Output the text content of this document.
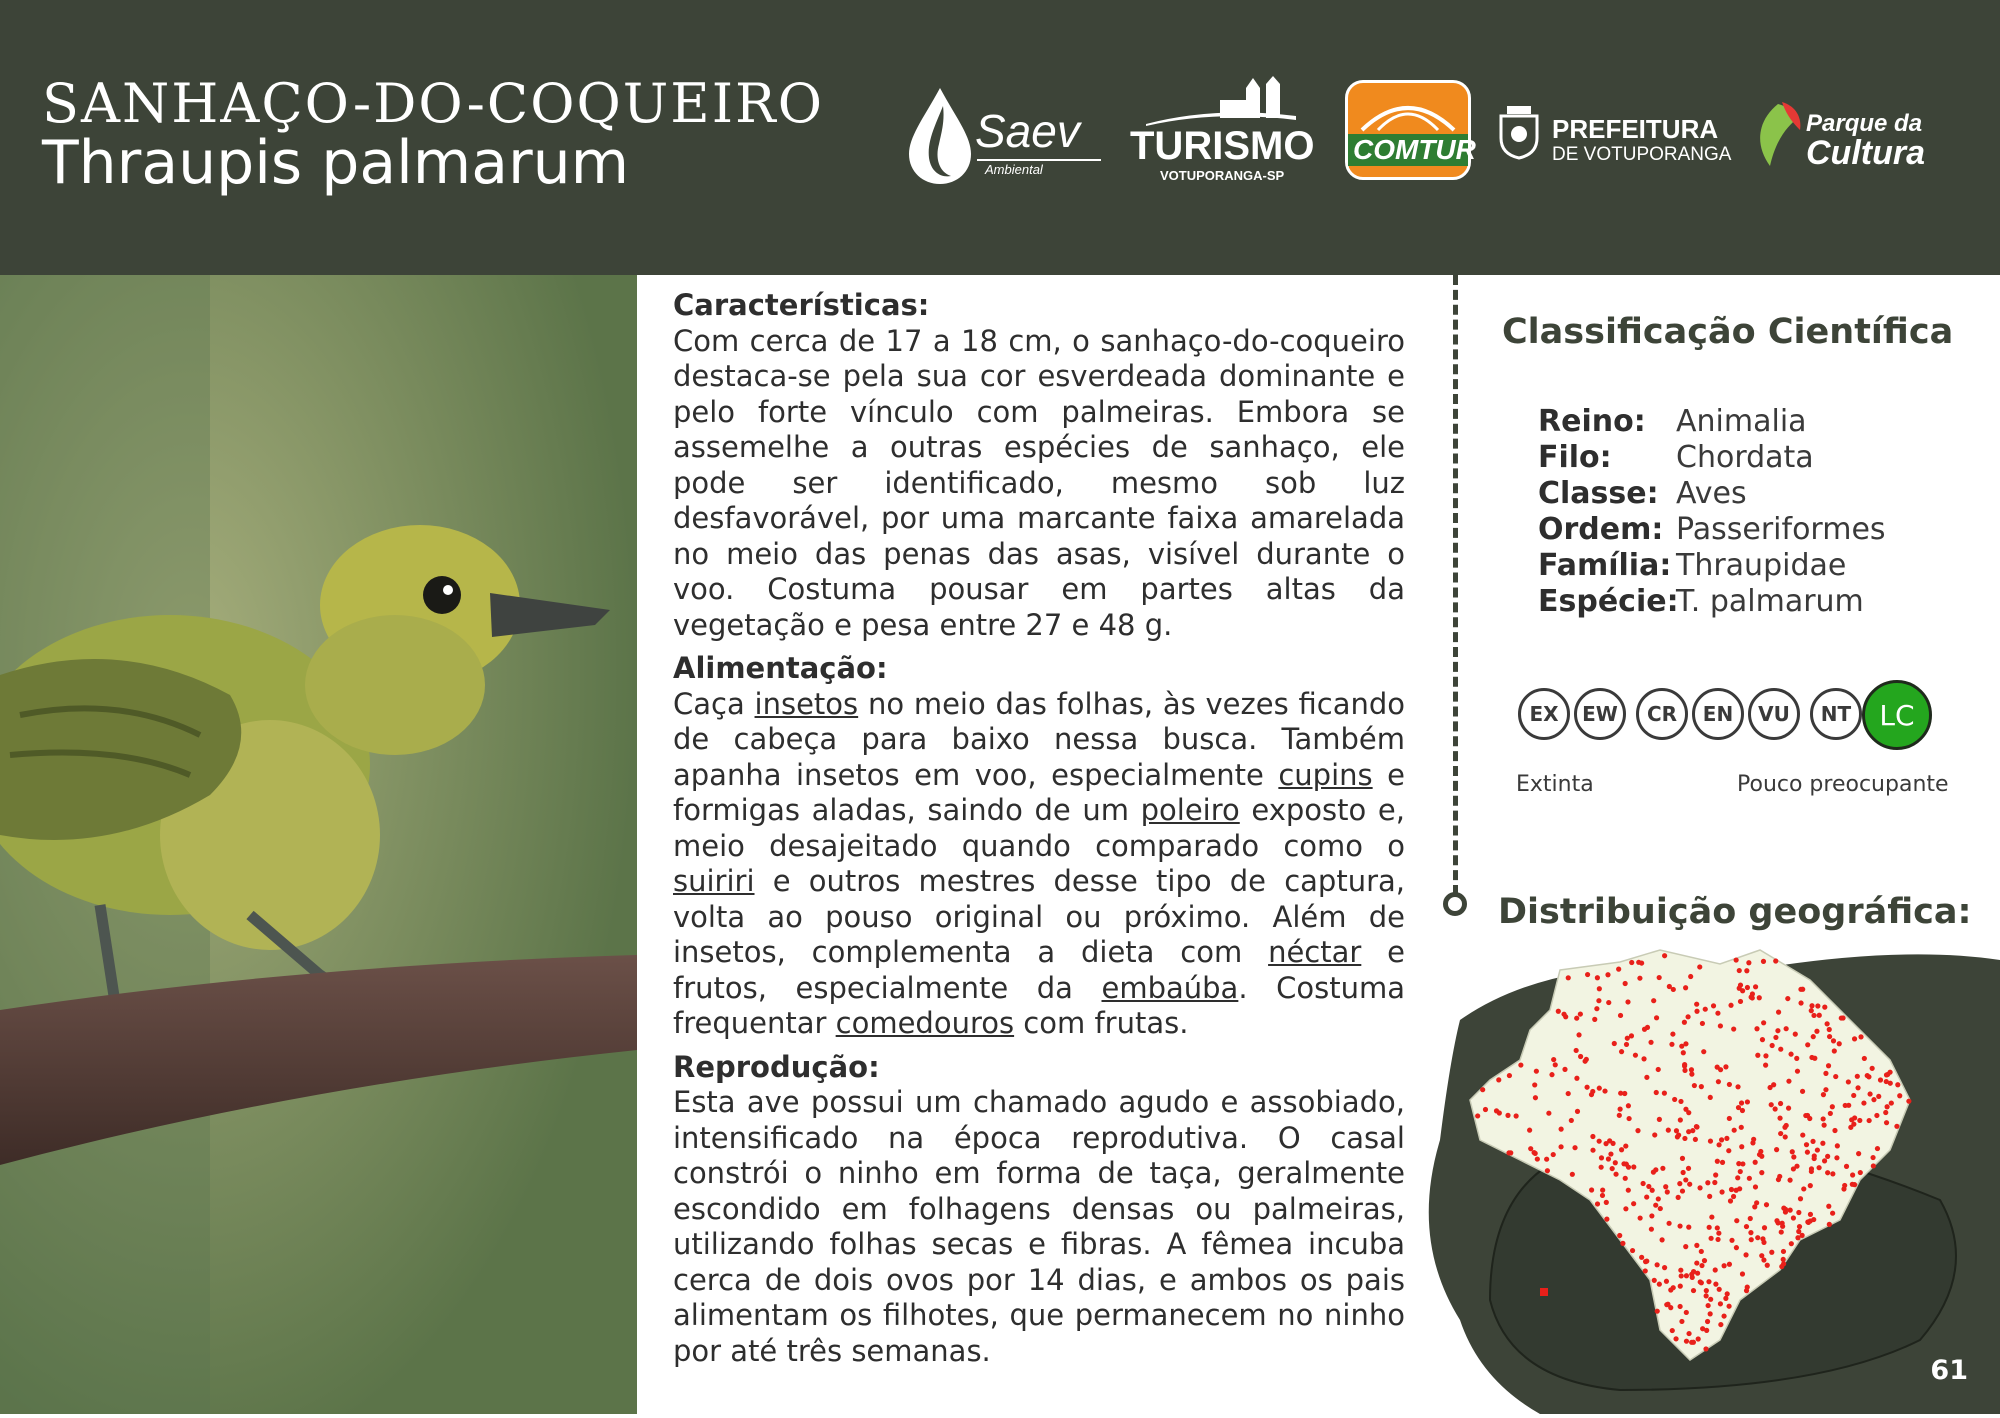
SANHAÇO-DO-COQUEIRO
Thraupis palmarum	Saev
Ambiental
TURISMO
VOTUPORANGA-SP
COMTUR
PREFEITURA
DE VOTUPORANGA
Parque da
Cultura
Características:

Com cerca de 17 a 18 cm, o sanhaço-do-coqueiro destaca-se pela sua cor esverdeada dominante e pelo forte vínculo com palmeiras. Embora se assemelhe a outras espécies de sanhaço, ele pode ser identificado, mesmo sob luz desfavorável, por uma marcante faixa amarelada no meio das penas das asas, visível durante o voo. Costuma pousar em partes altas da vegetação e pesa entre 27 e 48 g.

Alimentação:

Caça insetos no meio das folhas, às vezes ficando de cabeça para baixo nessa busca. Também apanha insetos em voo, especialmente cupins e formigas aladas, saindo de um poleiro exposto e, meio desajeitado quando comparado como o suiriri e outros mestres desse tipo de captura, volta ao pouso original ou próximo. Além de insetos, complementa a dieta com néctar e frutos, especialmente da embaúba. Costuma frequentar comedouros com frutas.

Reprodução:

Esta ave possui um chamado agudo e assobiado, intensificado na época reprodutiva. O casal constrói o ninho em forma de taça, geralmente escondido em folhagens densas ou palmeiras, utilizando folhas secas e fibras. A fêmea incuba cerca de dois ovos por 14 dias, e ambos os pais alimentam os filhotes, que permanecem no ninho por até três semanas.

Classificação Científica
Reino:	Animalia
Filo:	Chordata
Classe: Aves
Ordem: Passeriformes
Família: Thraupidae
Espécie:
T. palmarum
EX	EW	CR	EN	VU	NT	LC
Extinta	Pouco preocupante
Distribuição geográfica:
61
